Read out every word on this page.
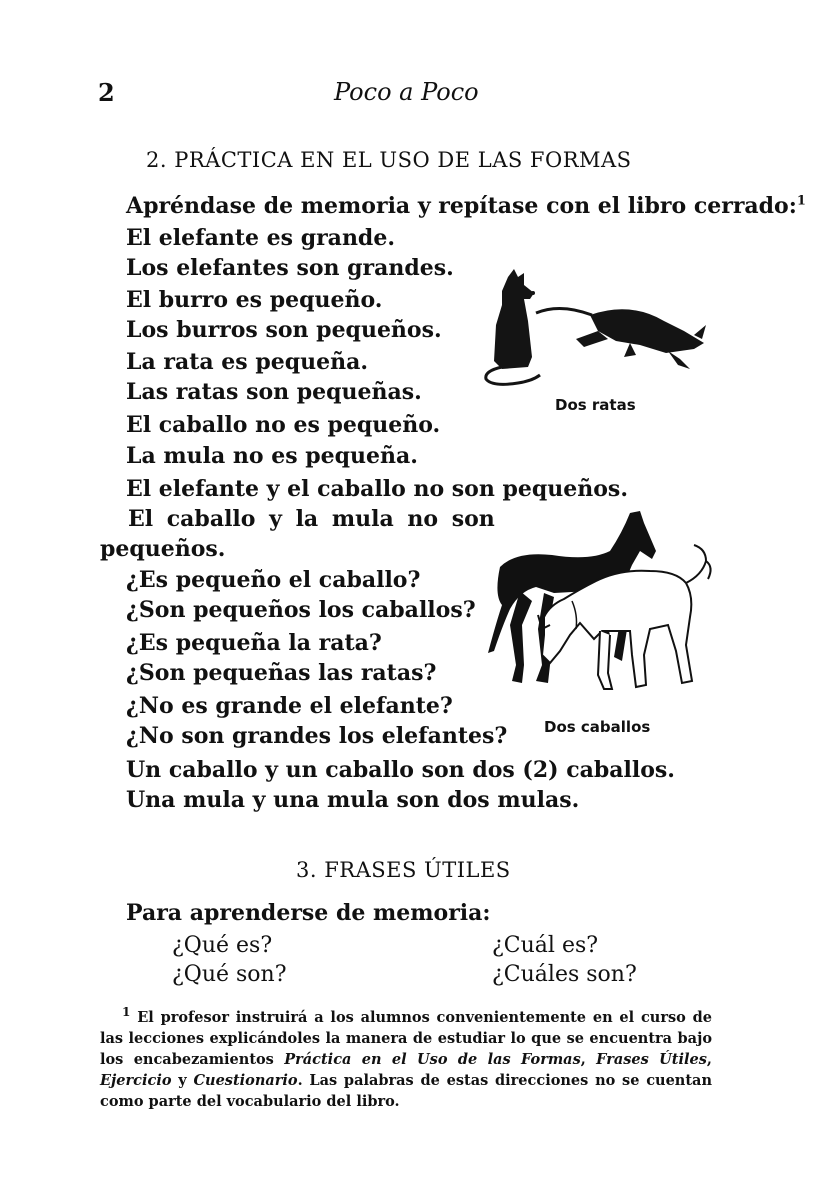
2	Poco a Poco
2. PRÁCTICA EN EL USO DE LAS FORMAS
Apréndase de memoria y repítase con el libro cerrado:$^1$
El elefante es grande.
Los elefantes son grandes.
El burro es pequeño.
Los burros son pequeños.
La rata es pequeña.
Las ratas son pequeñas.
El caballo no es pequeño.
La mula no es pequeña.
El elefante y el caballo no son pequeños.
El caballo y la mula no son
pequeños.
¿Es pequeño el caballo?
¿Son pequeños los caballos?
¿Es pequeña la rata?
¿Son pequeñas las ratas?
¿No es grande el elefante?
¿No son grandes los elefantes?
Un caballo y un caballo son dos (2) caballos.
Una mula y una mula son dos mulas.
Dos ratas
Dos caballos
3. FRASES ÚTILES
Para aprenderse de memoria:
¿Qué es?	¿Cuál es?
¿Qué son?	¿Cuáles son?
$^1$ El profesor instruirá a los alumnos convenientemente en el curso de las lecciones explicándoles la manera de estudiar lo que se encuentra bajo los encabezamientos Práctica en el Uso de las Formas, Frases Útiles, Ejercicio y Cuestionario. Las palabras de estas direcciones no se cuentan como parte del vocabulario del libro.
